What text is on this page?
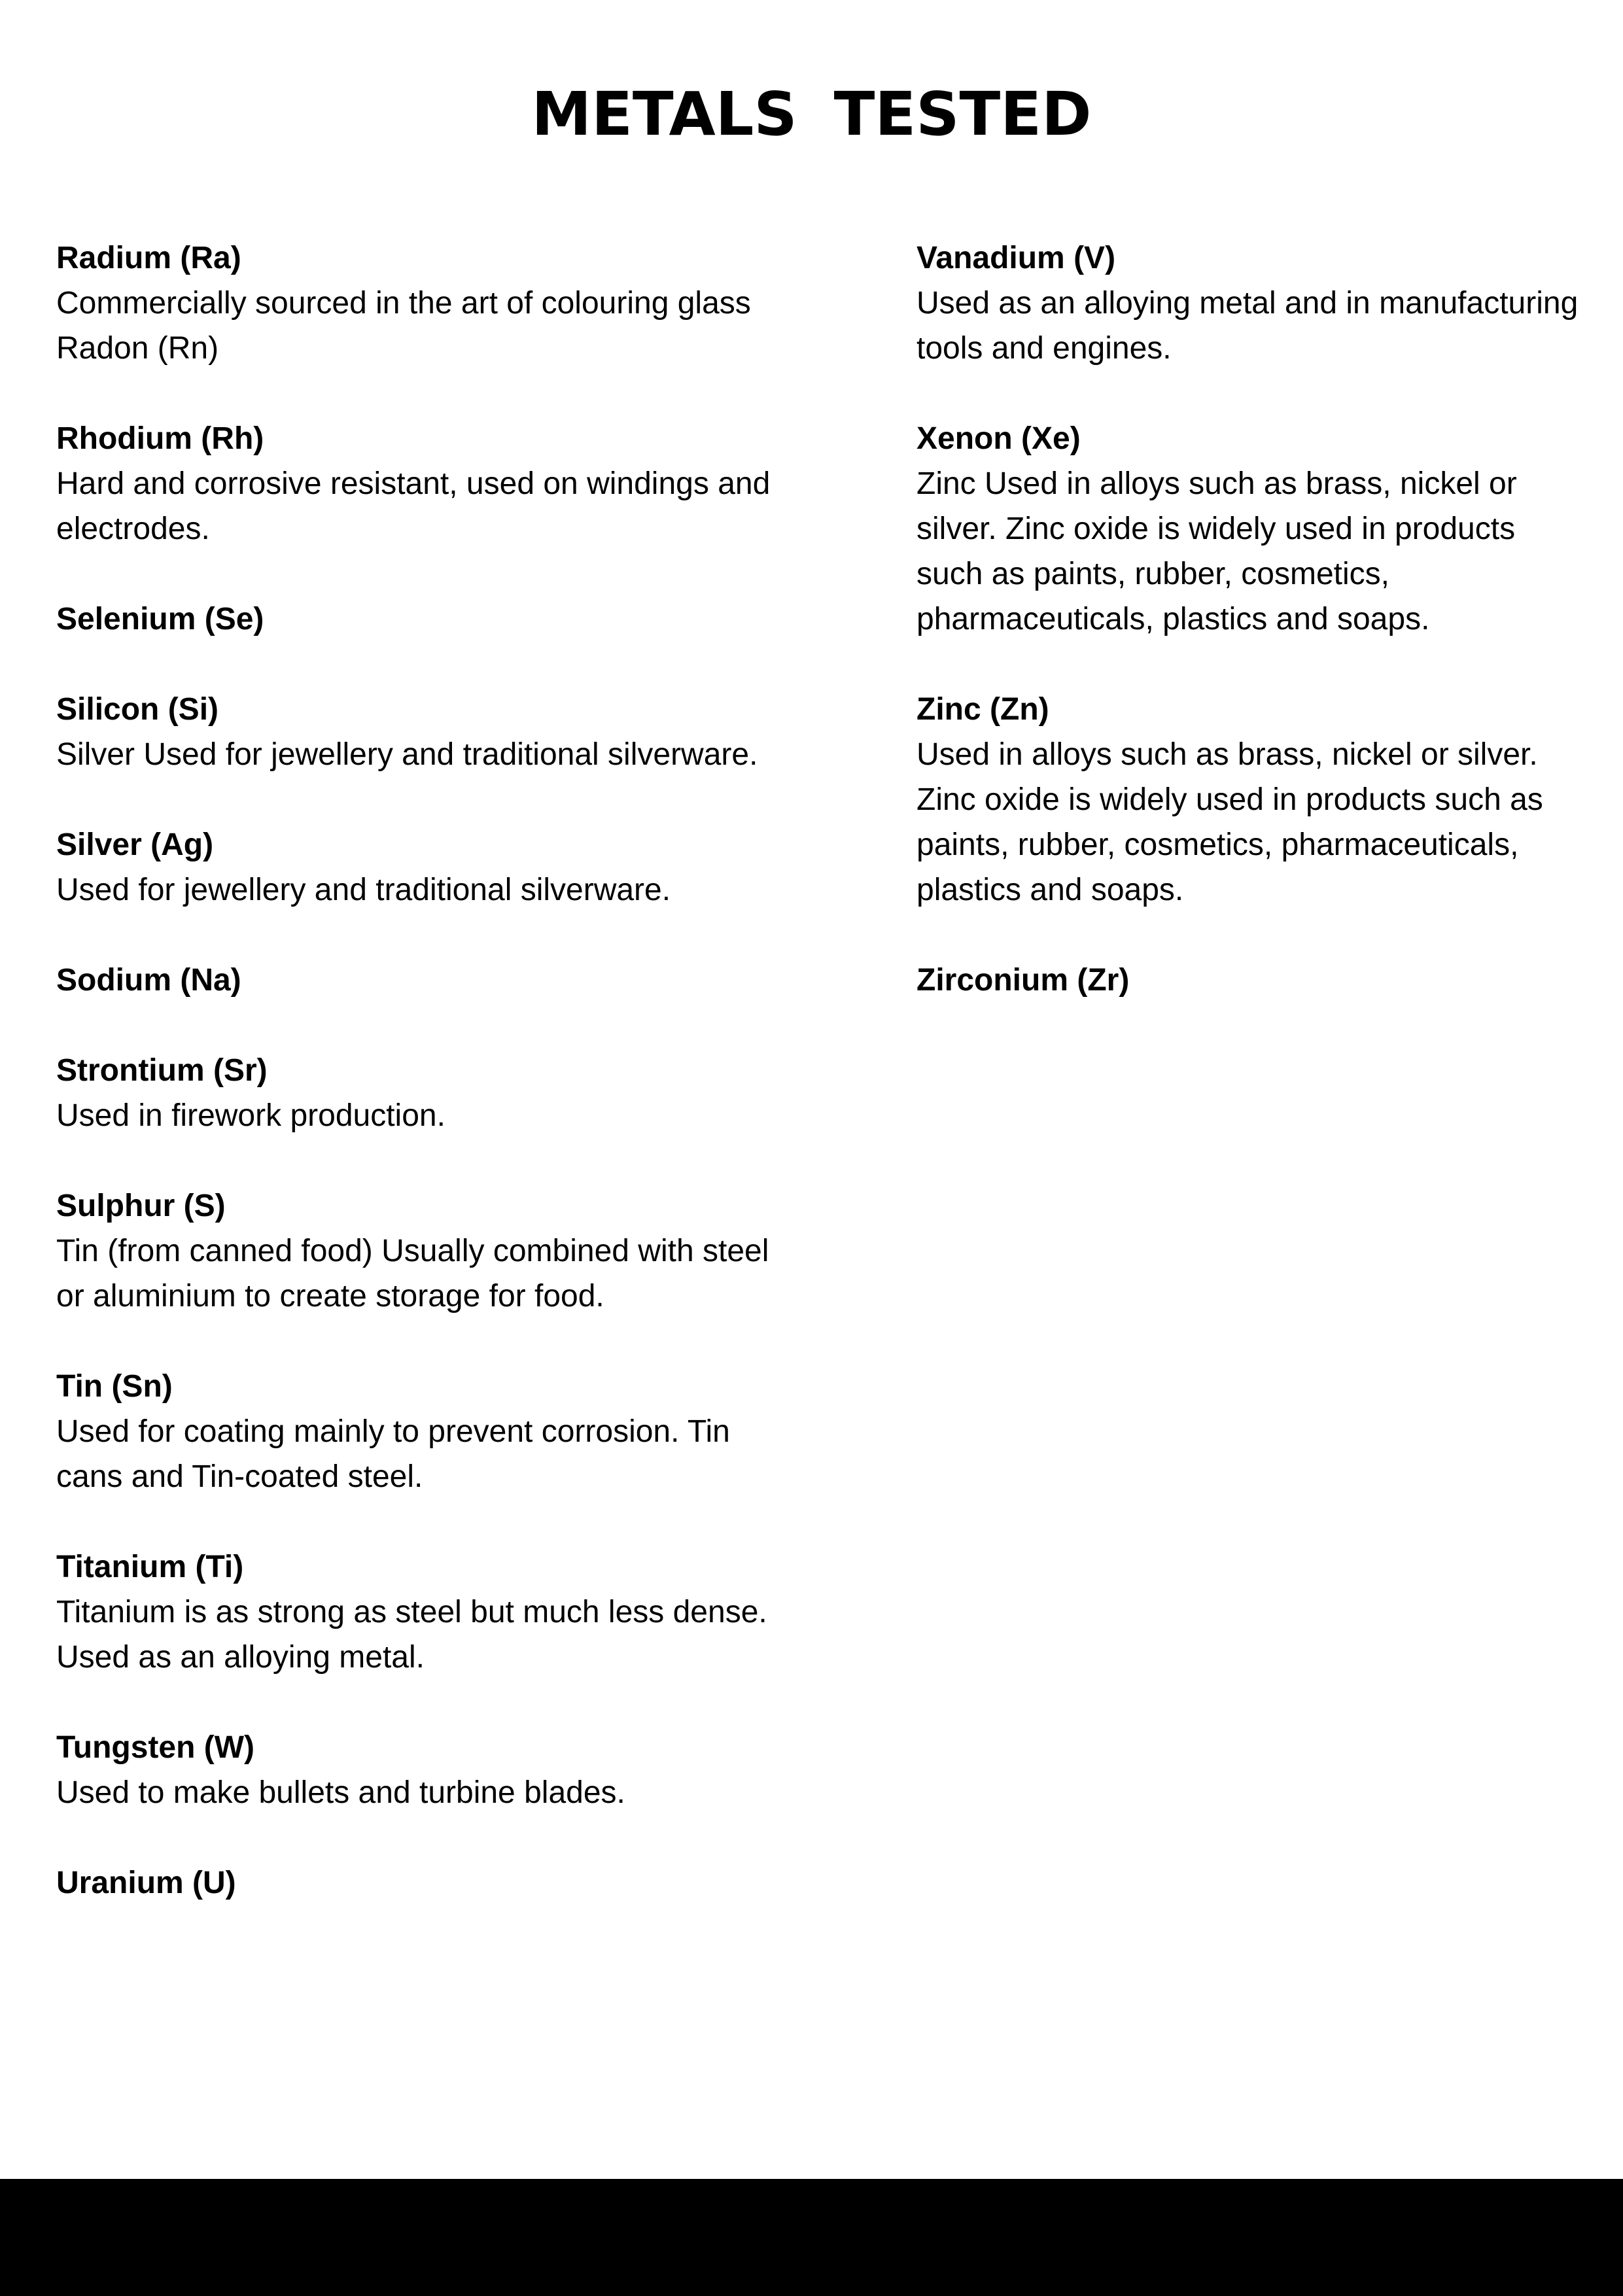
METALS TESTED

Radium (Ra)

Commercially sourced in the art of colouring glass Radon (Rn)

Rhodium (Rh)

Hard and corrosive resistant, used on windings and electrodes.

Selenium (Se)

Silicon (Si)

Silver Used for jewellery and traditional silverware.

Silver (Ag)

Used for jewellery and traditional silverware.

Sodium (Na)

Strontium (Sr)

Used in firework production.

Sulphur (S)

Tin (from canned food) Usually combined with steel or aluminium to create storage for food.

Tin (Sn)

Used for coating mainly to prevent corrosion. Tin cans and Tin-coated steel.

Titanium (Ti)

Titanium is as strong as steel but much less dense. Used as an alloying metal.

Tungsten (W)

Used to make bullets and turbine blades.

Uranium (U)

Vanadium (V)

Used as an alloying metal and in manufacturing tools and engines.

Xenon (Xe)

Zinc Used in alloys such as brass, nickel or silver. Zinc oxide is widely used in products such as paints, rubber, cosmetics, pharmaceuticals, plastics and soaps.

Zinc (Zn)

Used in alloys such as brass, nickel or silver. Zinc oxide is widely used in products such as paints, rubber, cosmetics, pharmaceuticals, plastics and soaps.

Zirconium (Zr)
